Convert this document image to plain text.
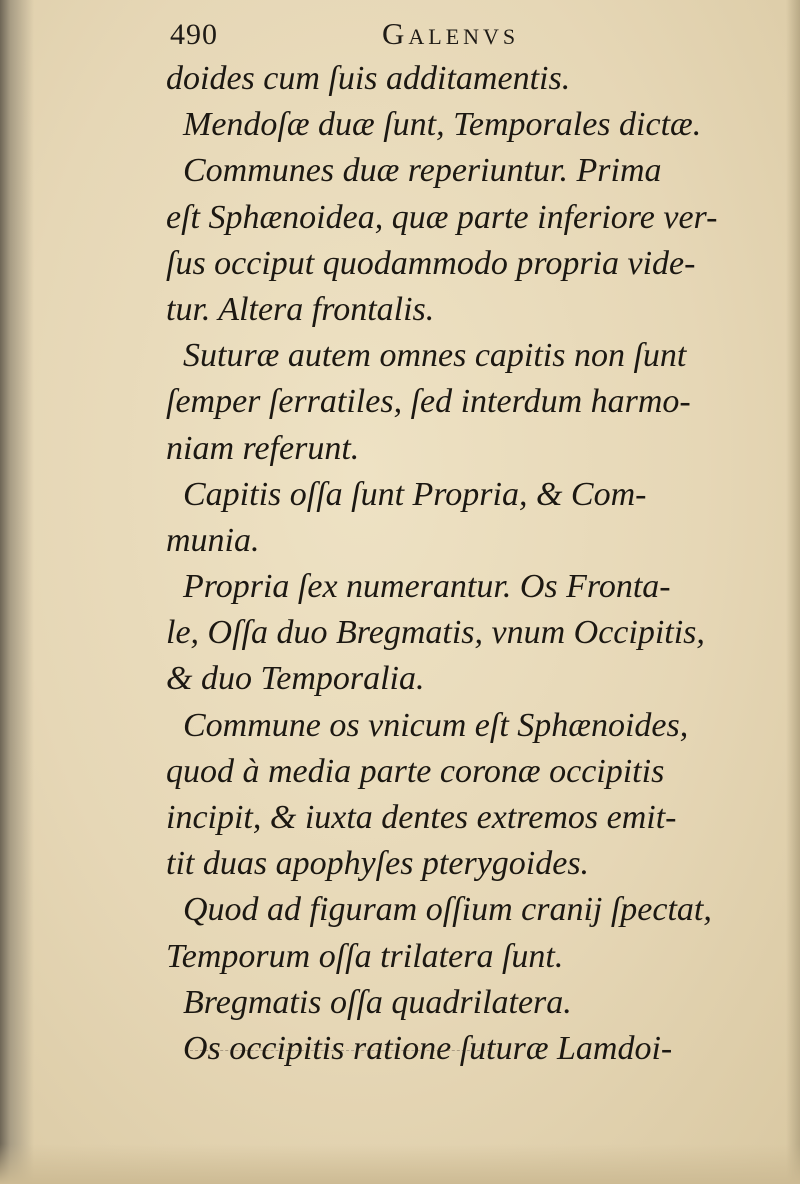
490	Galenvs
doides cum ſuis additamentis.
Mendoſæ duæ ſunt, Temporales dictæ.
Communes duæ reperiuntur. Prima
eſt Sphænoidea, quæ parte inferiore ver-
ſus occiput quodammodo propria vide-
tur. Altera frontalis.
Suturæ autem omnes capitis non ſunt
ſemper ſerratiles, ſed interdum harmo-
niam referunt.
Capitis oſſa ſunt Propria, & Com-
munia.
Propria ſex numerantur. Os Fronta-
le, Oſſa duo Bregmatis, vnum Occipitis,
& duo Temporalia.
Commune os vnicum eſt Sphænoides,
quod à media parte coronæ occipitis
incipit, & iuxta dentes extremos emit-
tit duas apophyſes pterygoides.
Quod ad figuram oſſium cranij ſpectat,
Temporum oſſa trilatera ſunt.
Bregmatis oſſa quadrilatera.
Os occipitis ratione ſuturæ Lamdoi-
